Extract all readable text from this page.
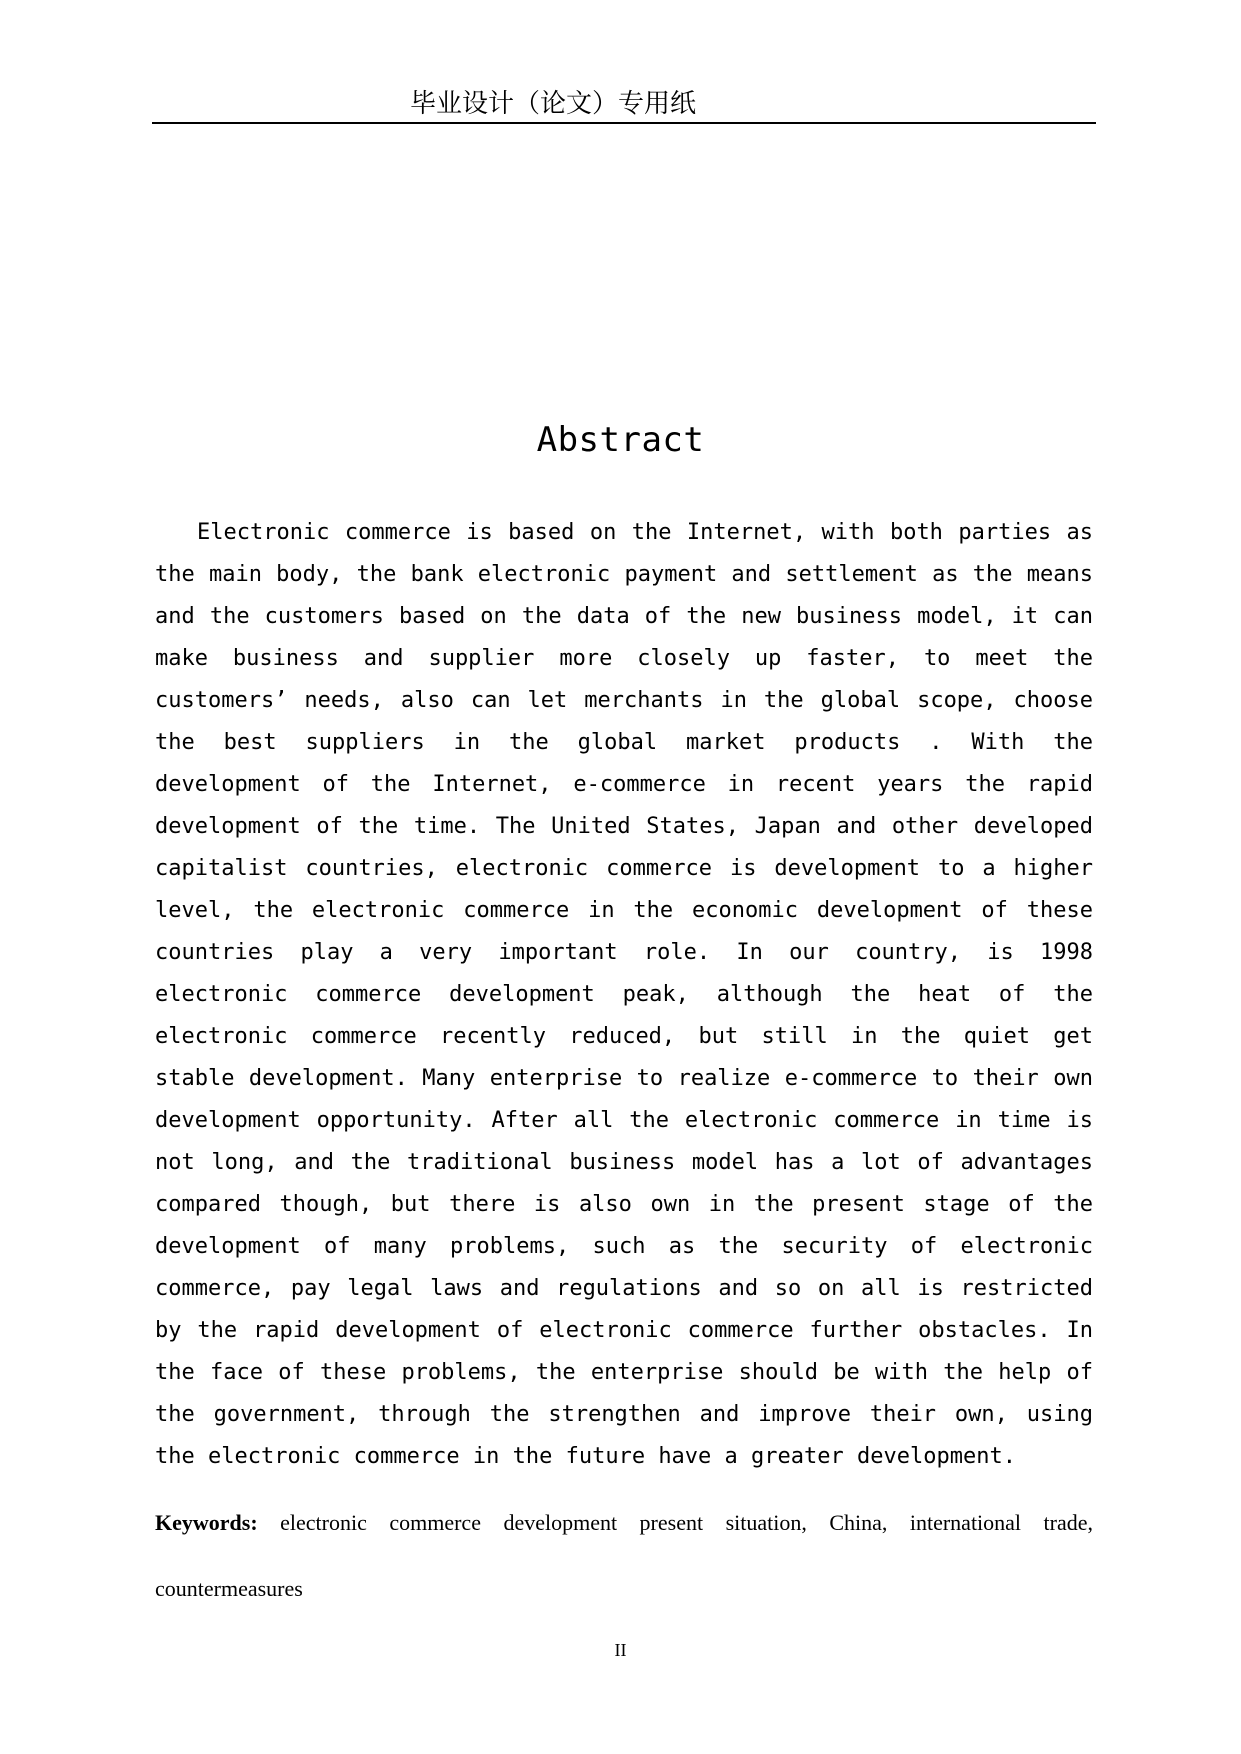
毕业设计（论文）专用纸
Abstract

Electronic commerce is based on the Internet, with both parties as the main body, the bank electronic payment and settlement as the means and the customers based on the data of the new business model, it can make business and supplier more closely up faster, to meet the customers’ needs, also can let merchants in the global scope, choose the best suppliers in the global market products . With the development of the Internet, e-commerce in recent years the rapid development of the time. The United States, Japan and other developed capitalist countries, electronic commerce is development to a higher level, the electronic commerce in the economic development of these countries play a very important role. In our country, is 1998 electronic commerce development peak, although the heat of the electronic commerce recently reduced, but still in the quiet get stable development. Many enterprise to realize e-commerce to their own development opportunity. After all the electronic commerce in time is not long, and the traditional business model has a lot of advantages compared though, but there is also own in the present stage of the development of many problems, such as the security of electronic commerce, pay legal laws and regulations and so on all is restricted by the rapid development of electronic commerce further obstacles. In the face of these problems, the enterprise should be with the help of the government, through the strengthen and improve their own, using the electronic commerce in the future have a greater development.

Keywords: electronic commerce development present situation, China, international trade, countermeasures

II
